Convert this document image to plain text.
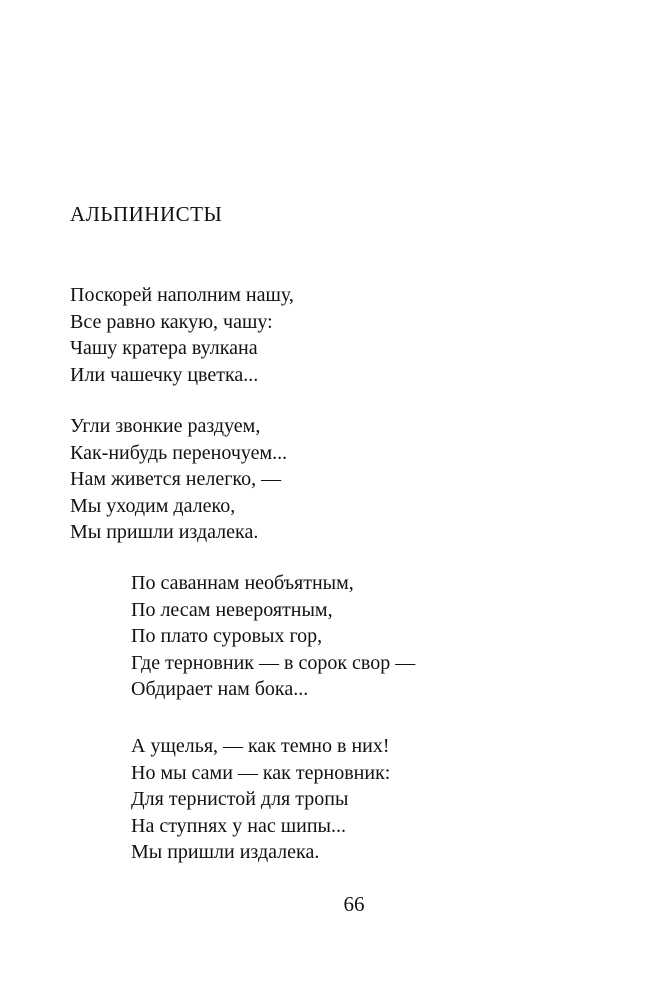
АЛЬПИНИСТЫ
Поскорей наполним нашу,
Все равно какую, чашу:
Чашу кратера вулкана
Или чашечку цветка...
Угли звонкие раздуем,
Как-нибудь переночуем...
Нам живется нелегко, —
Мы уходим далеко,
Мы пришли издалека.
По саваннам необъятным,
По лесам невероятным,
По плато суровых гор,
Где терновник — в сорок свор —
Обдирает нам бока...
А ущелья, — как темно в них!
Но мы сами — как терновник:
Для тернистой для тропы
На ступнях у нас шипы...
Мы пришли издалека.
66
